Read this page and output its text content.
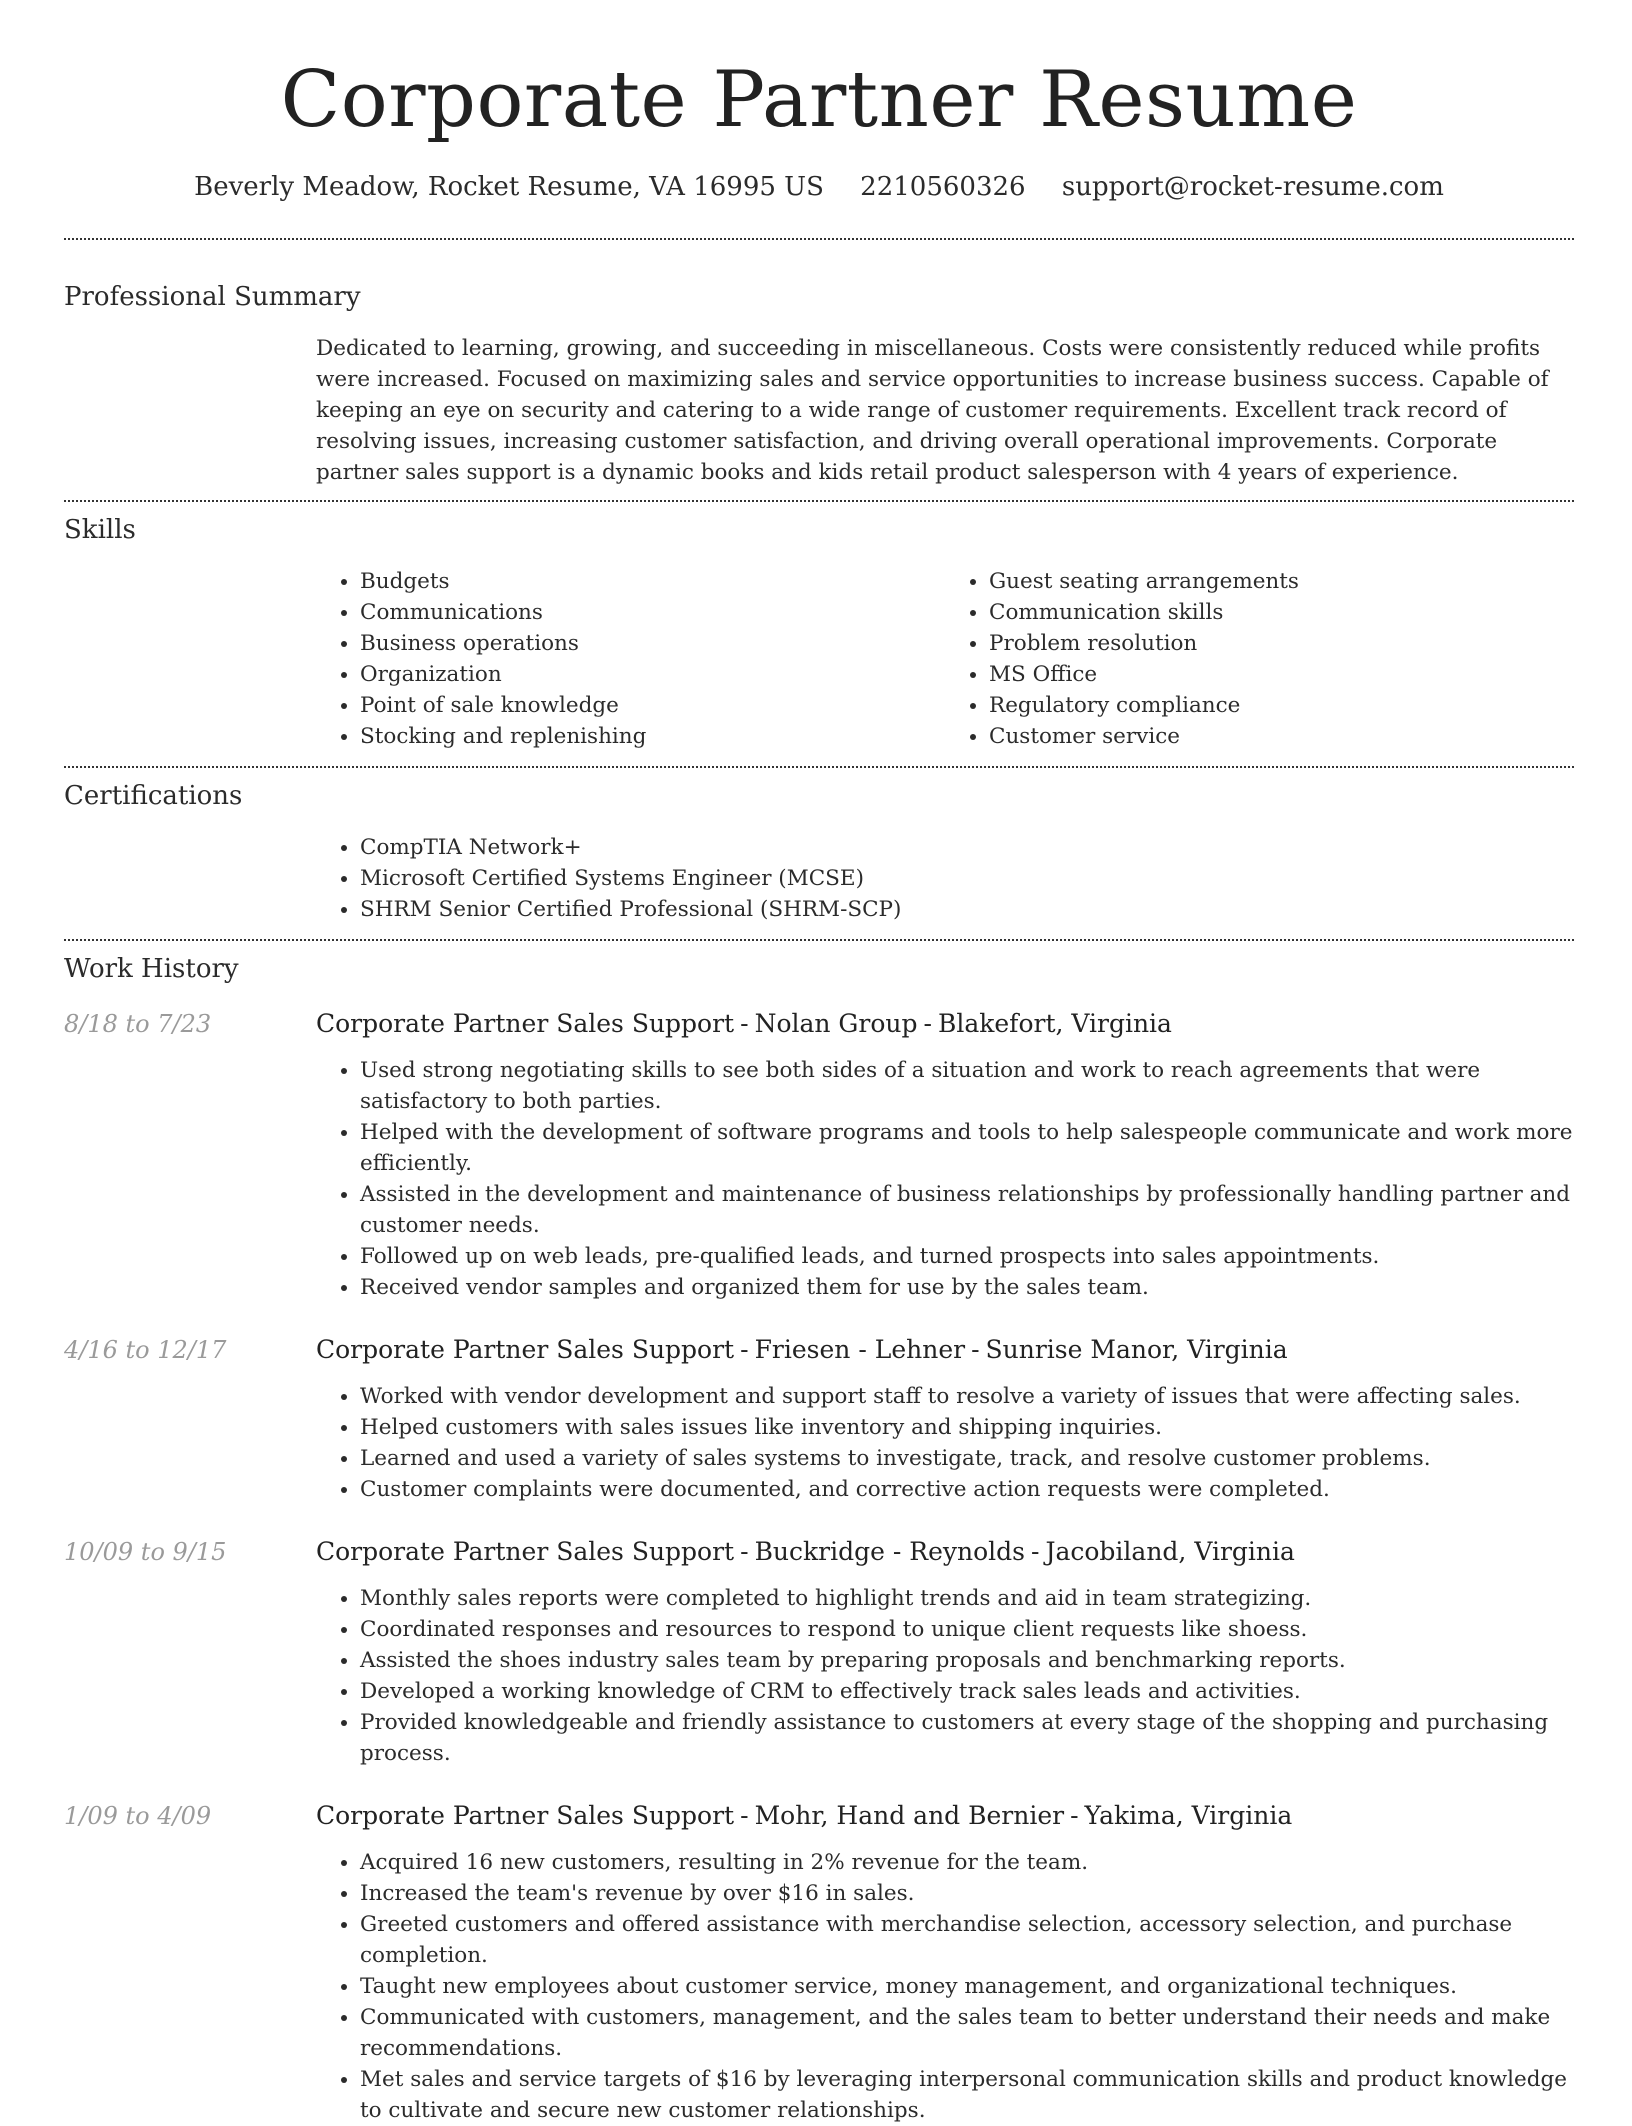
Corporate Partner Resume
Beverly Meadow, Rocket Resume, VA 16995 US 2210560326 support@rocket-resume.com
Professional Summary
Dedicated to learning, growing, and succeeding in miscellaneous. Costs were consistently reduced while profits were increased. Focused on maximizing sales and service opportunities to increase business success. Capable of keeping an eye on security and catering to a wide range of customer requirements. Excellent track record of resolving issues, increasing customer satisfaction, and driving overall operational improvements. Corporate partner sales support is a dynamic books and kids retail product salesperson with 4 years of experience.
Skills
• Budgets
• Communications
• Business operations
• Organization
• Point of sale knowledge
• Stocking and replenishing
• Guest seating arrangements
• Communication skills
• Problem resolution
• MS Office
• Regulatory compliance
• Customer service
Certifications
• CompTIA Network+
• Microsoft Certified Systems Engineer (MCSE)
• SHRM Senior Certified Professional (SHRM-SCP)
Work History
8/18 to 7/23	Corporate Partner Sales Support - Nolan Group - Blakefort, Virginia
• Used strong negotiating skills to see both sides of a situation and work to reach agreements that were satisfactory to both parties.
• Helped with the development of software programs and tools to help salespeople communicate and work more efficiently.
• Assisted in the development and maintenance of business relationships by professionally handling partner and customer needs.
• Followed up on web leads, pre-qualified leads, and turned prospects into sales appointments.
• Received vendor samples and organized them for use by the sales team.
4/16 to 12/17	Corporate Partner Sales Support - Friesen - Lehner - Sunrise Manor, Virginia
• Worked with vendor development and support staff to resolve a variety of issues that were affecting sales.
• Helped customers with sales issues like inventory and shipping inquiries.
• Learned and used a variety of sales systems to investigate, track, and resolve customer problems.
• Customer complaints were documented, and corrective action requests were completed.
10/09 to 9/15	Corporate Partner Sales Support - Buckridge - Reynolds - Jacobiland, Virginia
• Monthly sales reports were completed to highlight trends and aid in team strategizing.
• Coordinated responses and resources to respond to unique client requests like shoess.
• Assisted the shoes industry sales team by preparing proposals and benchmarking reports.
• Developed a working knowledge of CRM to effectively track sales leads and activities.
• Provided knowledgeable and friendly assistance to customers at every stage of the shopping and purchasing process.
1/09 to 4/09	Corporate Partner Sales Support - Mohr, Hand and Bernier - Yakima, Virginia
• Acquired 16 new customers, resulting in 2% revenue for the team.
• Increased the team's revenue by over $16 in sales.
• Greeted customers and offered assistance with merchandise selection, accessory selection, and purchase completion.
• Taught new employees about customer service, money management, and organizational techniques.
• Communicated with customers, management, and the sales team to better understand their needs and make recommendations.
• Met sales and service targets of $16 by leveraging interpersonal communication skills and product knowledge to cultivate and secure new customer relationships.
